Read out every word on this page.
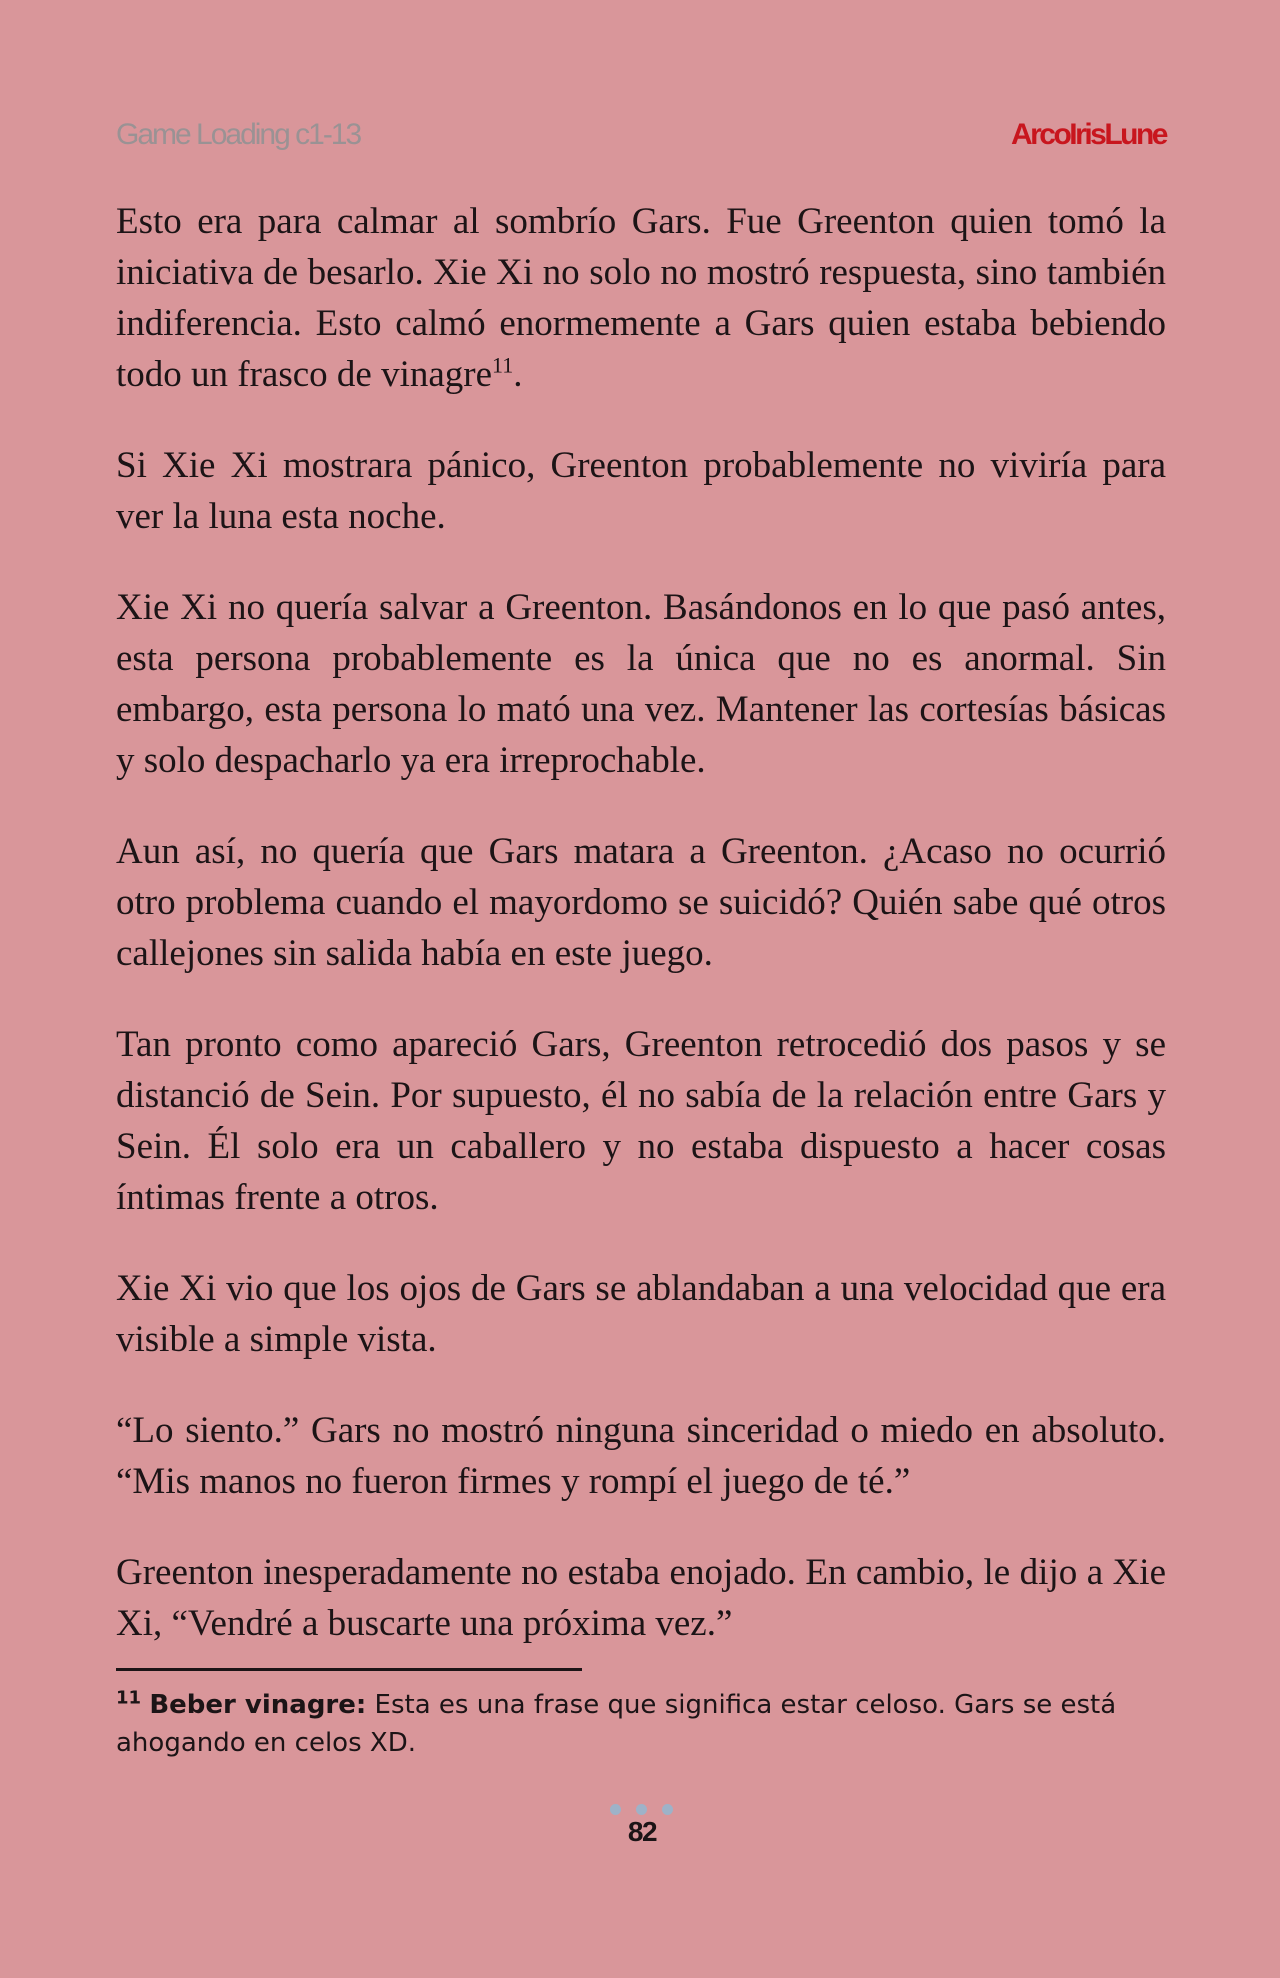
Game Loading c1-13	ArcoIrisLune

Esto era para calmar al sombrío Gars. Fue Greenton quien tomó la iniciativa de besarlo. Xie Xi no solo no mostró respuesta, sino también indiferencia. Esto calmó enormemente a Gars quien estaba bebiendo todo un frasco de vinagre$^{11}$.

Si Xie Xi mostrara pánico, Greenton probablemente no viviría para ver la luna esta noche.

Xie Xi no quería salvar a Greenton. Basándonos en lo que pasó antes, esta persona probablemente es la única que no es anormal. Sin embargo, esta persona lo mató una vez. Mantener las cortesías básicas y solo despacharlo ya era irreprochable.

Aun así, no quería que Gars matara a Greenton. ¿Acaso no ocurrió otro problema cuando el mayordomo se suicidó? Quién sabe qué otros callejones sin salida había en este juego.

Tan pronto como apareció Gars, Greenton retrocedió dos pasos y se distanció de Sein. Por supuesto, él no sabía de la relación entre Gars y Sein. Él solo era un caballero y no estaba dispuesto a hacer cosas íntimas frente a otros.

Xie Xi vio que los ojos de Gars se ablandaban a una velocidad que era visible a simple vista.

“Lo siento.” Gars no mostró ninguna sinceridad o miedo en absoluto. “Mis manos no fueron firmes y rompí el juego de té.”

Greenton inesperadamente no estaba enojado. En cambio, le dijo a Xie Xi, “Vendré a buscarte una próxima vez.”

$^{11}$ Beber vinagre: Esta es una frase que significa estar celoso. Gars se está ahogando en celos XD.
82
